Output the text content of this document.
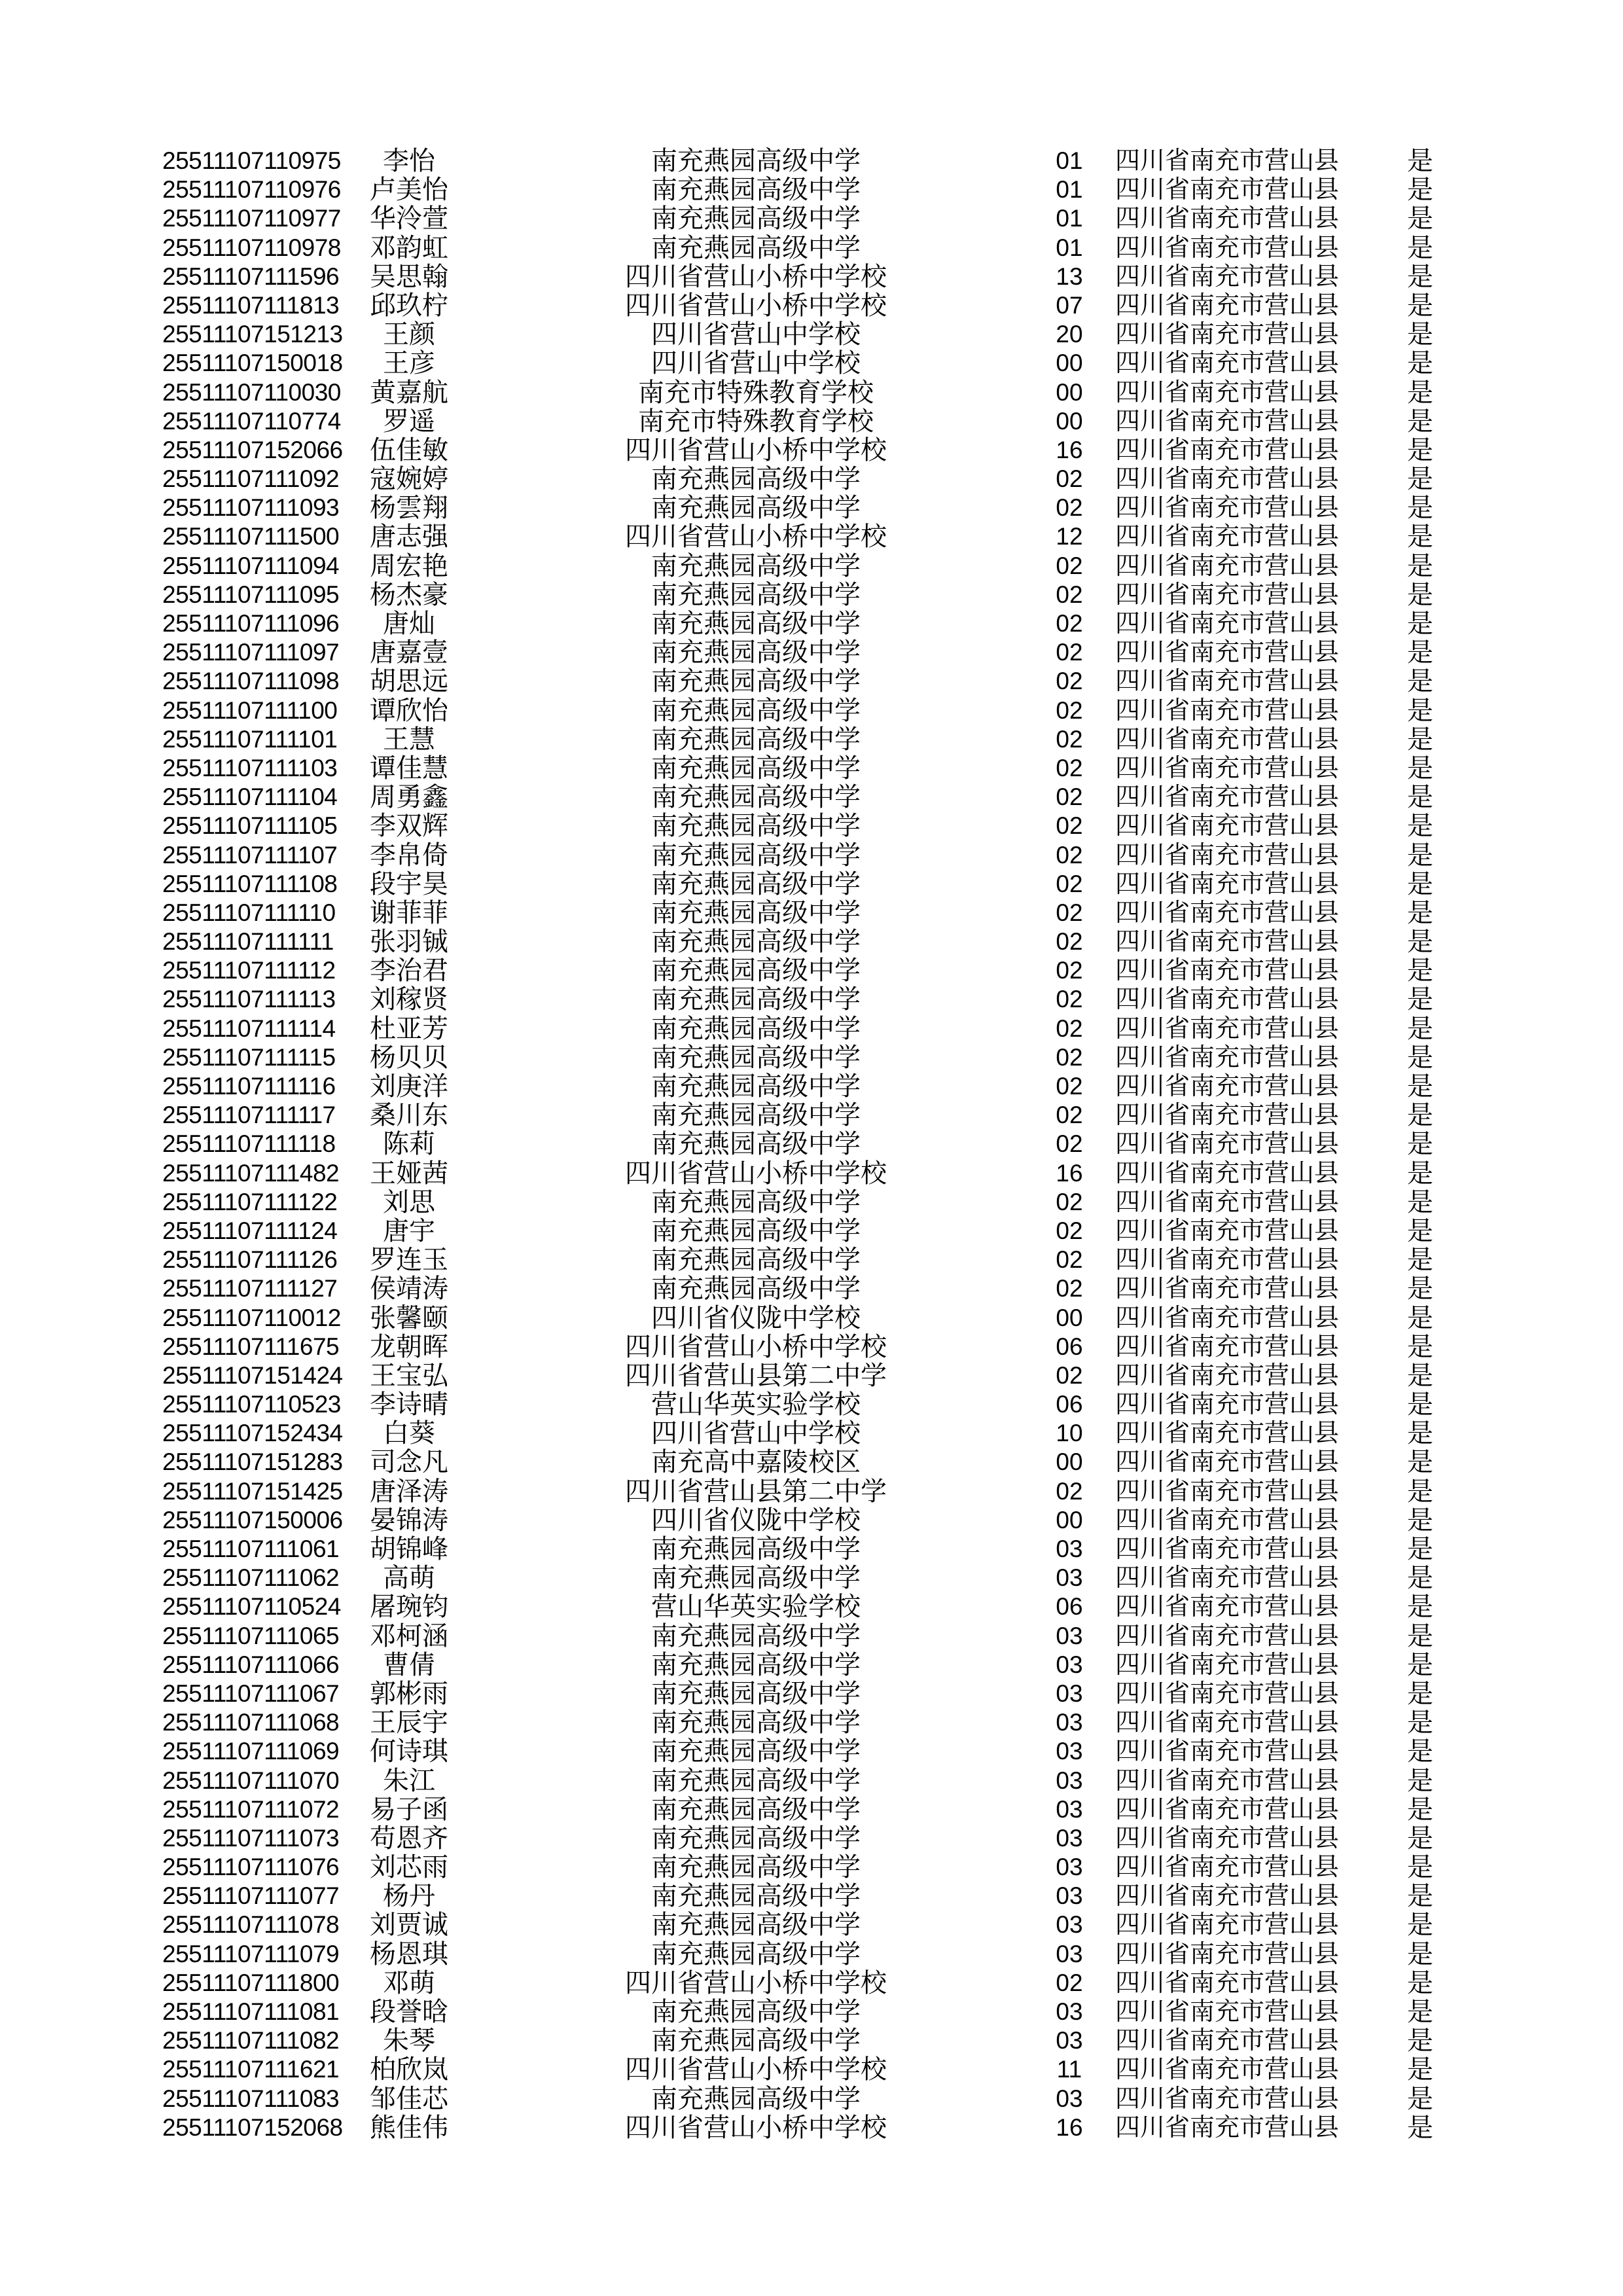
25511107110975	李怡	南充燕园高级中学	01	四川省南充市营山县	是
25511107110976	卢美怡	南充燕园高级中学	01	四川省南充市营山县	是
25511107110977	华泠萱	南充燕园高级中学	01	四川省南充市营山县	是
25511107110978	邓韵虹	南充燕园高级中学	01	四川省南充市营山县	是
25511107111596	吴思翰	四川省营山小桥中学校	13	四川省南充市营山县	是
25511107111813	邱玖柠	四川省营山小桥中学校	07	四川省南充市营山县	是
25511107151213	王颜	四川省营山中学校	20	四川省南充市营山县	是
25511107150018	王彦	四川省营山中学校	00	四川省南充市营山县	是
25511107110030	黄嘉航	南充市特殊教育学校	00	四川省南充市营山县	是
25511107110774	罗遥	南充市特殊教育学校	00	四川省南充市营山县	是
25511107152066	伍佳敏	四川省营山小桥中学校	16	四川省南充市营山县	是
25511107111092	寇婉婷	南充燕园高级中学	02	四川省南充市营山县	是
25511107111093	杨雲翔	南充燕园高级中学	02	四川省南充市营山县	是
25511107111500	唐志强	四川省营山小桥中学校	12	四川省南充市营山县	是
25511107111094	周宏艳	南充燕园高级中学	02	四川省南充市营山县	是
25511107111095	杨杰豪	南充燕园高级中学	02	四川省南充市营山县	是
25511107111096	唐灿	南充燕园高级中学	02	四川省南充市营山县	是
25511107111097	唐嘉壹	南充燕园高级中学	02	四川省南充市营山县	是
25511107111098	胡思远	南充燕园高级中学	02	四川省南充市营山县	是
25511107111100	谭欣怡	南充燕园高级中学	02	四川省南充市营山县	是
25511107111101	王慧	南充燕园高级中学	02	四川省南充市营山县	是
25511107111103	谭佳慧	南充燕园高级中学	02	四川省南充市营山县	是
25511107111104	周勇鑫	南充燕园高级中学	02	四川省南充市营山县	是
25511107111105	李双辉	南充燕园高级中学	02	四川省南充市营山县	是
25511107111107	李帛倚	南充燕园高级中学	02	四川省南充市营山县	是
25511107111108	段宇昊	南充燕园高级中学	02	四川省南充市营山县	是
25511107111110	谢菲菲	南充燕园高级中学	02	四川省南充市营山县	是
25511107111111	张羽铖	南充燕园高级中学	02	四川省南充市营山县	是
25511107111112	李治君	南充燕园高级中学	02	四川省南充市营山县	是
25511107111113	刘稼贤	南充燕园高级中学	02	四川省南充市营山县	是
25511107111114	杜亚芳	南充燕园高级中学	02	四川省南充市营山县	是
25511107111115	杨贝贝	南充燕园高级中学	02	四川省南充市营山县	是
25511107111116	刘庚洋	南充燕园高级中学	02	四川省南充市营山县	是
25511107111117	桑川东	南充燕园高级中学	02	四川省南充市营山县	是
25511107111118	陈莉	南充燕园高级中学	02	四川省南充市营山县	是
25511107111482	王娅茜	四川省营山小桥中学校	16	四川省南充市营山县	是
25511107111122	刘思	南充燕园高级中学	02	四川省南充市营山县	是
25511107111124	唐宇	南充燕园高级中学	02	四川省南充市营山县	是
25511107111126	罗连玉	南充燕园高级中学	02	四川省南充市营山县	是
25511107111127	侯靖涛	南充燕园高级中学	02	四川省南充市营山县	是
25511107110012	张馨颐	四川省仪陇中学校	00	四川省南充市营山县	是
25511107111675	龙朝晖	四川省营山小桥中学校	06	四川省南充市营山县	是
25511107151424	王宝弘	四川省营山县第二中学	02	四川省南充市营山县	是
25511107110523	李诗晴	营山华英实验学校	06	四川省南充市营山县	是
25511107152434	白葵	四川省营山中学校	10	四川省南充市营山县	是
25511107151283	司念凡	南充高中嘉陵校区	00	四川省南充市营山县	是
25511107151425	唐泽涛	四川省营山县第二中学	02	四川省南充市营山县	是
25511107150006	晏锦涛	四川省仪陇中学校	00	四川省南充市营山县	是
25511107111061	胡锦峰	南充燕园高级中学	03	四川省南充市营山县	是
25511107111062	高萌	南充燕园高级中学	03	四川省南充市营山县	是
25511107110524	屠琬钧	营山华英实验学校	06	四川省南充市营山县	是
25511107111065	邓柯涵	南充燕园高级中学	03	四川省南充市营山县	是
25511107111066	曹倩	南充燕园高级中学	03	四川省南充市营山县	是
25511107111067	郭彬雨	南充燕园高级中学	03	四川省南充市营山县	是
25511107111068	王辰宇	南充燕园高级中学	03	四川省南充市营山县	是
25511107111069	何诗琪	南充燕园高级中学	03	四川省南充市营山县	是
25511107111070	朱江	南充燕园高级中学	03	四川省南充市营山县	是
25511107111072	易子函	南充燕园高级中学	03	四川省南充市营山县	是
25511107111073	苟恩齐	南充燕园高级中学	03	四川省南充市营山县	是
25511107111076	刘芯雨	南充燕园高级中学	03	四川省南充市营山县	是
25511107111077	杨丹	南充燕园高级中学	03	四川省南充市营山县	是
25511107111078	刘贾诚	南充燕园高级中学	03	四川省南充市营山县	是
25511107111079	杨恩琪	南充燕园高级中学	03	四川省南充市营山县	是
25511107111800	邓萌	四川省营山小桥中学校	02	四川省南充市营山县	是
25511107111081	段誉晗	南充燕园高级中学	03	四川省南充市营山县	是
25511107111082	朱琴	南充燕园高级中学	03	四川省南充市营山县	是
25511107111621	柏欣岚	四川省营山小桥中学校	11	四川省南充市营山县	是
25511107111083	邹佳芯	南充燕园高级中学	03	四川省南充市营山县	是
25511107152068	熊佳伟	四川省营山小桥中学校	16	四川省南充市营山县	是
